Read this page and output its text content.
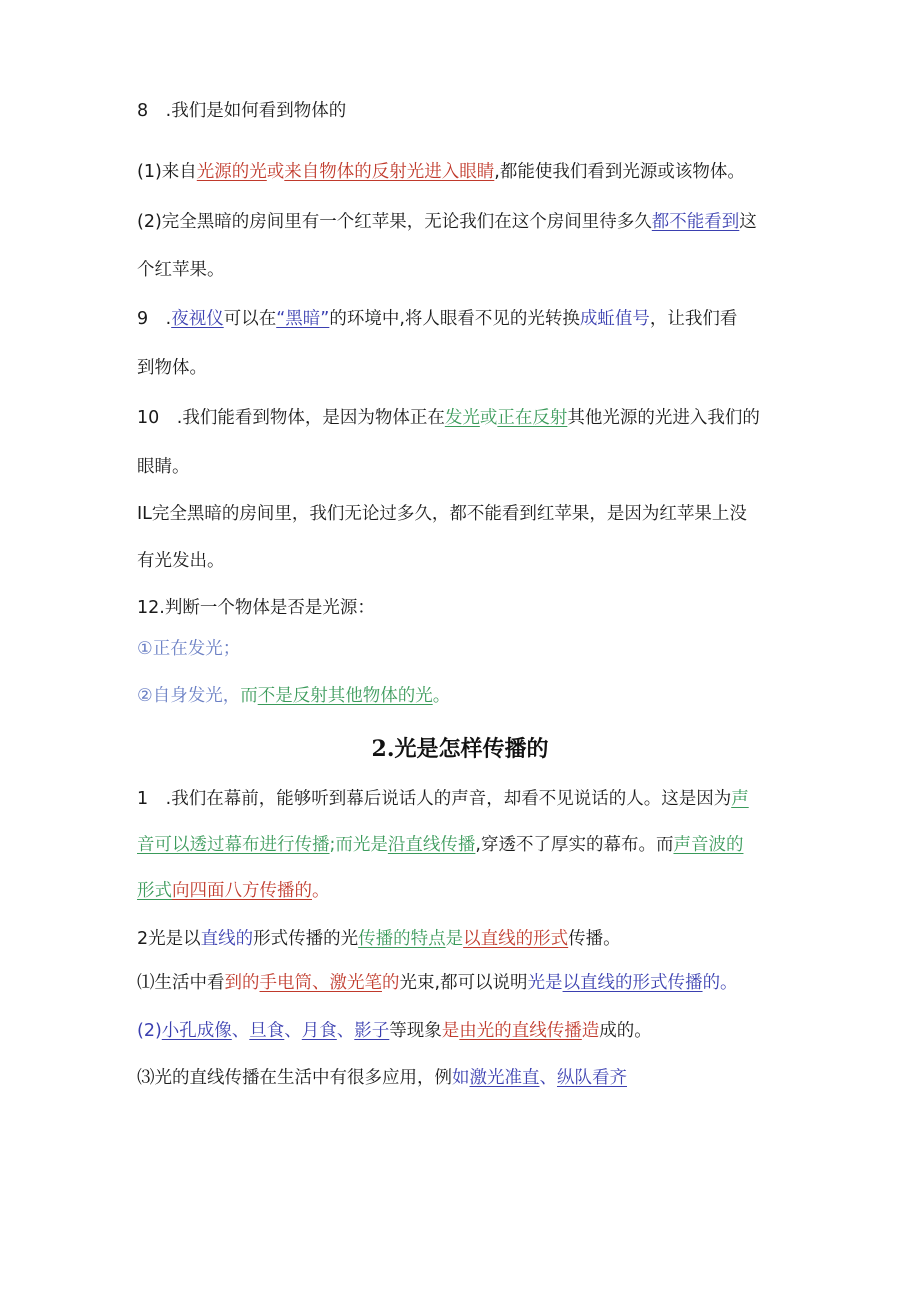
8　.我们是如何看到物体的
(1)来自光源的光或来自物体的反射光进入眼睛,都能使我们看到光源或该物体。
(2)完全黑暗的房间里有一个红苹果，无论我们在这个房间里待多久都不能看到这
个红苹果。
9　.夜视仪可以在“黑暗”的环境中,将人眼看不见的光转换成蚯值号，让我们看
到物体。
10　.我们能看到物体，是因为物体正在发光或正在反射其他光源的光进入我们的
眼睛。
IL完全黑暗的房间里，我们无论过多久，都不能看到红苹果，是因为红苹果上没
有光发出。
12.判断一个物体是否是光源：
①正在发光；
②自身发光，而不是反射其他物体的光。
2.光是怎样传播的
1　.我们在幕前，能够听到幕后说话人的声音，却看不见说话的人。这是因为声
音可以透过幕布进行传播;而光是沿直线传播,穿透不了厚实的幕布。而声音波的
形式向四面八方传播的。
2光是以直线的形式传播的光传播的特点是以直线的形式传播。
⑴生活中看到的手电筒、激光笔的光束,都可以说明光是以直线的形式传播的。
(2)小孔成像、旦食、月食、影子等现象是由光的直线传播造成的。
⑶光的直线传播在生活中有很多应用，例如激光准直、纵队看齐
